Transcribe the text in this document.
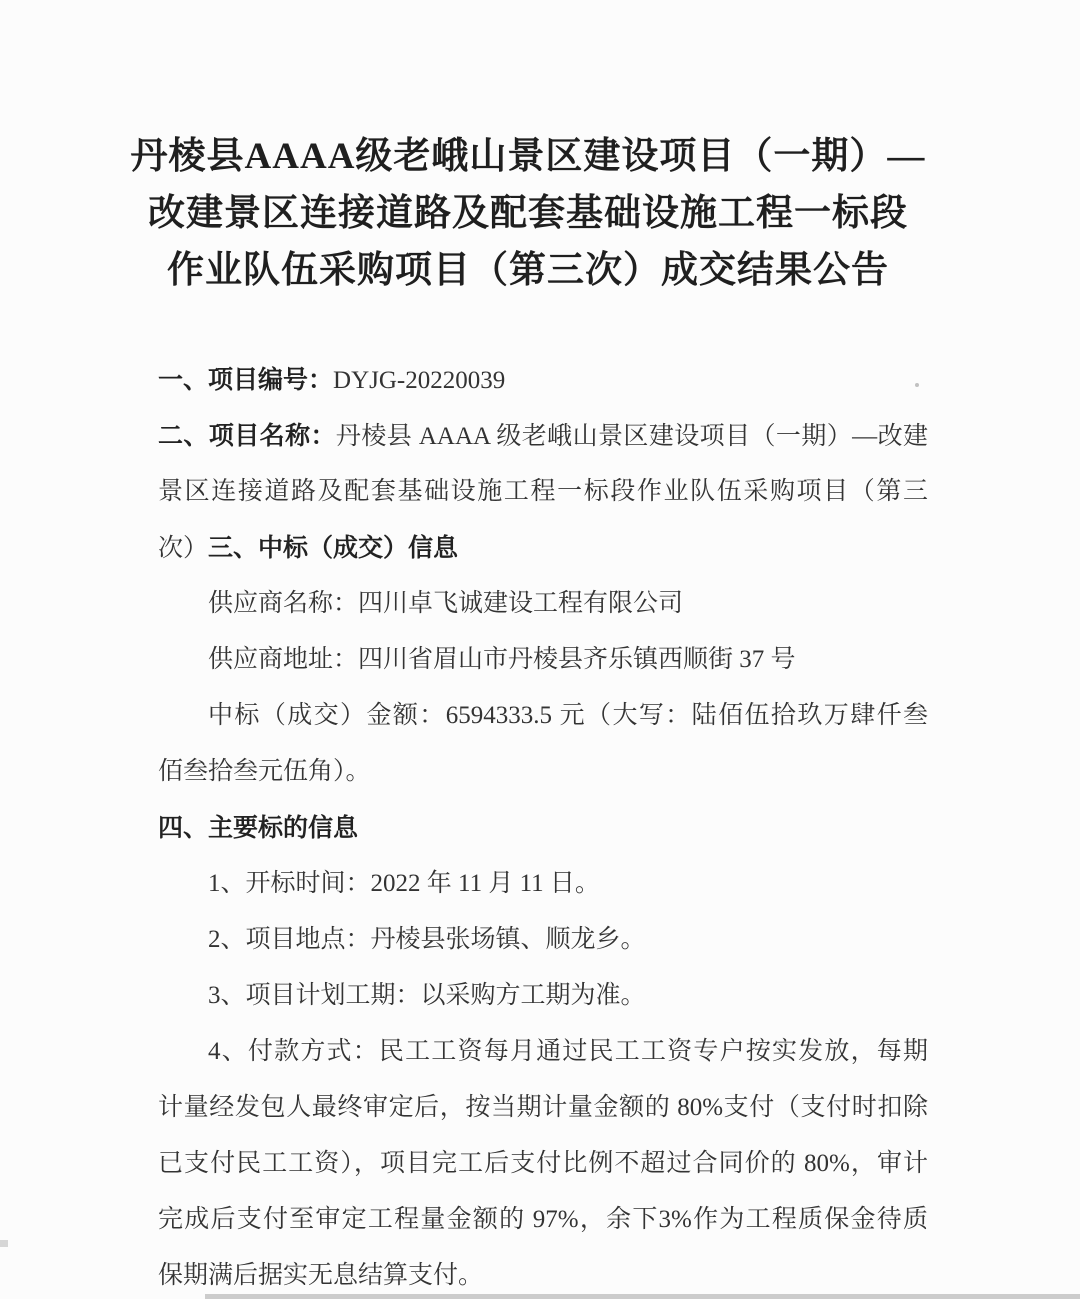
丹棱县AAAA级老峨山景区建设项目（一期）—
改建景区连接道路及配套基础设施工程一标段
作业队伍采购项目（第三次）成交结果公告

一、项目编号：DYJG-20220039

二、项目名称：丹棱县 AAAA 级老峨山景区建设项目（一期）—改建

景区连接道路及配套基础设施工程一标段作业队伍采购项目（第三

次）三、中标（成交）信息

供应商名称：四川卓飞诚建设工程有限公司

供应商地址：四川省眉山市丹棱县齐乐镇西顺街 37 号

中标（成交）金额：6594333.5 元（大写：陆佰伍拾玖万肆仟叁

佰叁拾叁元伍角）。

四、主要标的信息

1、开标时间：2022 年 11 月 11 日。

2、项目地点：丹棱县张场镇、顺龙乡。

3、项目计划工期：以采购方工期为准。

4、付款方式：民工工资每月通过民工工资专户按实发放，每期

计量经发包人最终审定后，按当期计量金额的 80%支付（支付时扣除

已支付民工工资），项目完工后支付比例不超过合同价的 80%，审计

完成后支付至审定工程量金额的 97%，余下3%作为工程质保金待质

保期满后据实无息结算支付。
